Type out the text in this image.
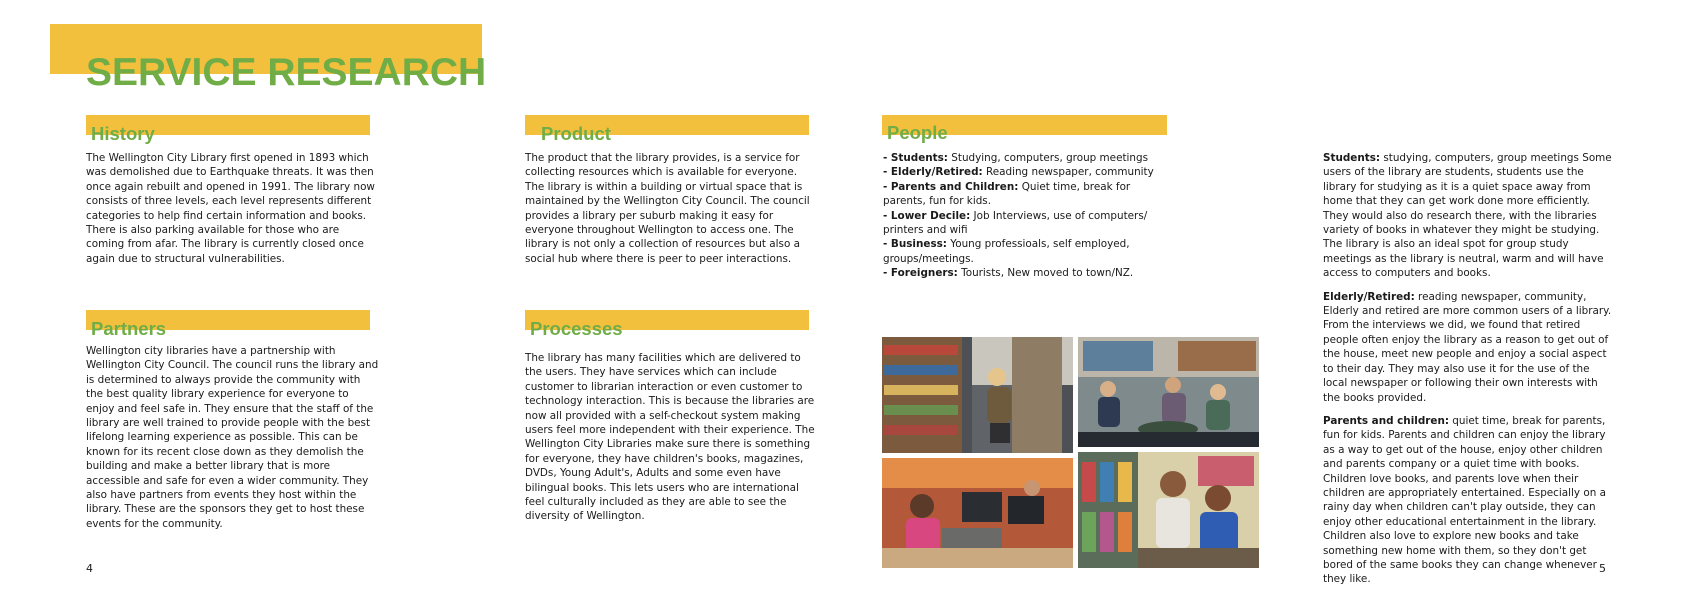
SERVICE RESEARCH
History

The Wellington City Library first opened in 1893 which was demolished due to Earthquake threats. It was then once again rebuilt and opened in 1991. The library now consists of three levels, each level represents different categories to help find certain information and books. There is also parking available for those who are coming from afar. The library is currently closed once again due to structural vulnerabilities.

Partners

Wellington city libraries have a partnership with Wellington City Council. The council runs the library and is determined to always provide the community with the best quality library experience for everyone to enjoy and feel safe in. They ensure that the staff of the library are well trained to provide people with the best lifelong learning experience as possible. This can be known for its recent close down as they demolish the building and make a better library that is more accessible and safe for even a wider community. They also have partners from events they host within the library. These are the sponsors they get to host these events for the community.

Product

The product that the library provides, is a service for collecting resources which is available for everyone. The library is within a building or virtual space that is maintained by the Wellington City Council. The council provides a library per suburb making it easy for everyone throughout Wellington to access one. The library is not only a collection of resources but also a social hub where there is peer to peer interactions.

Processes

The library has many facilities which are delivered to the users. They have services which can include customer to librarian interaction or even customer to technology interaction. This is because the libraries are now all provided with a self-checkout system making users feel more independent with their experience. The Wellington City Libraries make sure there is something for everyone, they have children's books, magazines, DVDs, Young Adult's, Adults and some even have bilingual books. This lets users who are international feel culturally included as they are able to see the diversity of Wellington.

People
- Students: Studying, computers, group meetings
- Elderly/Retired: Reading newspaper, community
- Parents and Children: Quiet time, break for parents, fun for kids.
- Lower Decile: Job Interviews, use of computers/ printers and wifi
- Business: Young professioals, self employed, groups/meetings.
- Foreigners: Tourists, New moved to town/NZ.

Students: studying, computers, group meetings Some users of the library are students, students use the library for studying as it is a quiet space away from home that they can get work done more efficiently. They would also do research there, with the libraries variety of books in whatever they might be studying. The library is also an ideal spot for group study meetings as the library is neutral, warm and will have access to computers and books.

Elderly/Retired: reading newspaper, community, Elderly and retired are more common users of a library. From the interviews we did, we found that retired people often enjoy the library as a reason to get out of the house, meet new people and enjoy a social aspect to their day. They may also use it for the use of the local newspaper or following their own interests with the books provided.

Parents and children: quiet time, break for parents, fun for kids. Parents and children can enjoy the library as a way to get out of the house, enjoy other children and parents company or a quiet time with books. Children love books, and parents love when their children are appropriately entertained. Especially on a rainy day when children can't play outside, they can enjoy other educational entertainment in the library. Children also love to explore new books and take something new home with them, so they don't get bored of the same books they can change whenever they like.

4	5
